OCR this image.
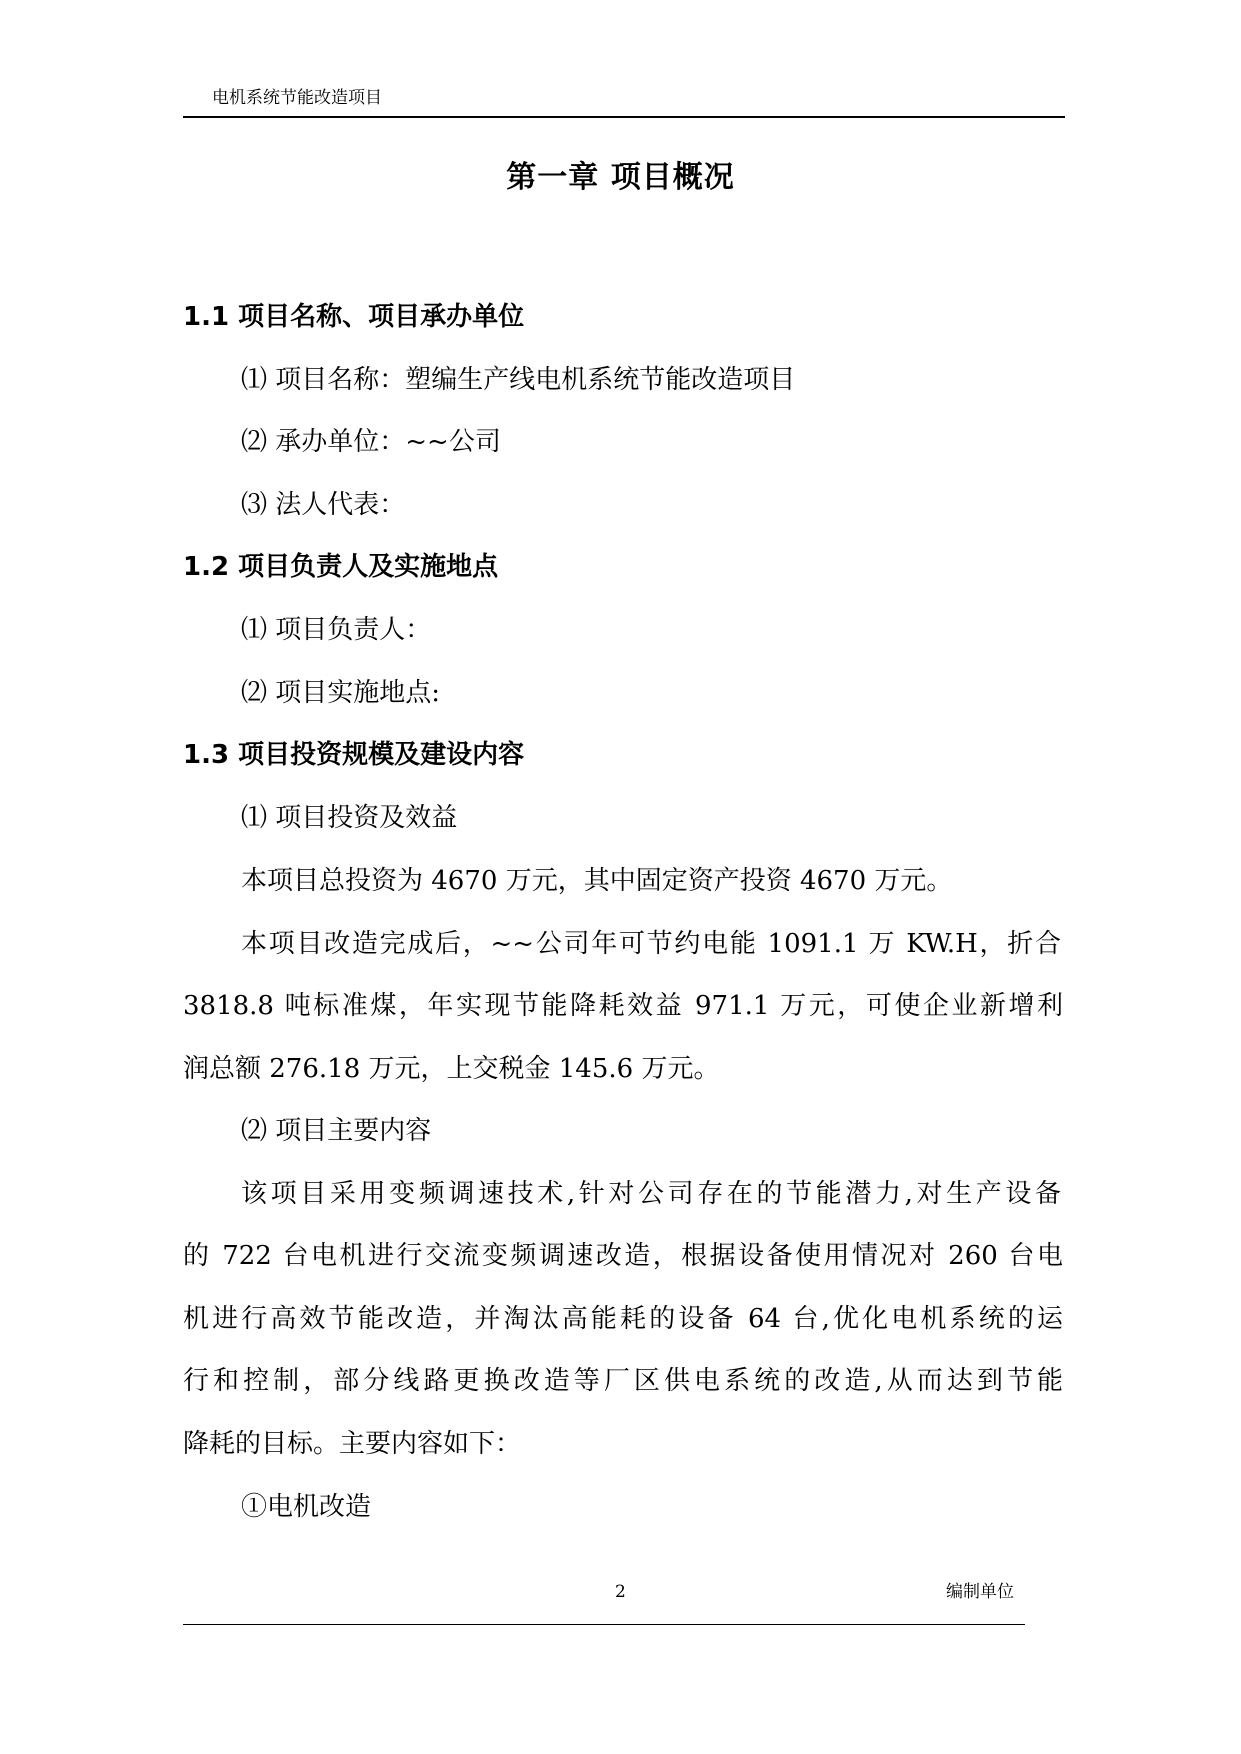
电机系统节能改造项目
第一章 项目概况
1.1 项目名称、项目承办单位
⑴ 项目名称：塑编生产线电机系统节能改造项目
⑵ 承办单位：~~公司
⑶ 法人代表：
1.2 项目负责人及实施地点
⑴ 项目负责人：
⑵ 项目实施地点:
1.3 项目投资规模及建设内容
⑴ 项目投资及效益
本项目总投资为 4670 万元，其中固定资产投资 4670 万元。
本项目改造完成后，~~公司年可节约电能 1091.1 万 KW.H，折合
3818.8 吨标准煤，年实现节能降耗效益 971.1 万元，可使企业新增利
润总额 276.18 万元，上交税金 145.6 万元。
⑵ 项目主要内容
该项目采用变频调速技术,针对公司存在的节能潜力,对生产设备
的 722 台电机进行交流变频调速改造，根据设备使用情况对 260 台电
机进行高效节能改造，并淘汰高能耗的设备 64 台,优化电机系统的运
行和控制，部分线路更换改造等厂区供电系统的改造,从而达到节能
降耗的目标。主要内容如下：
①电机改造
2	编制单位
